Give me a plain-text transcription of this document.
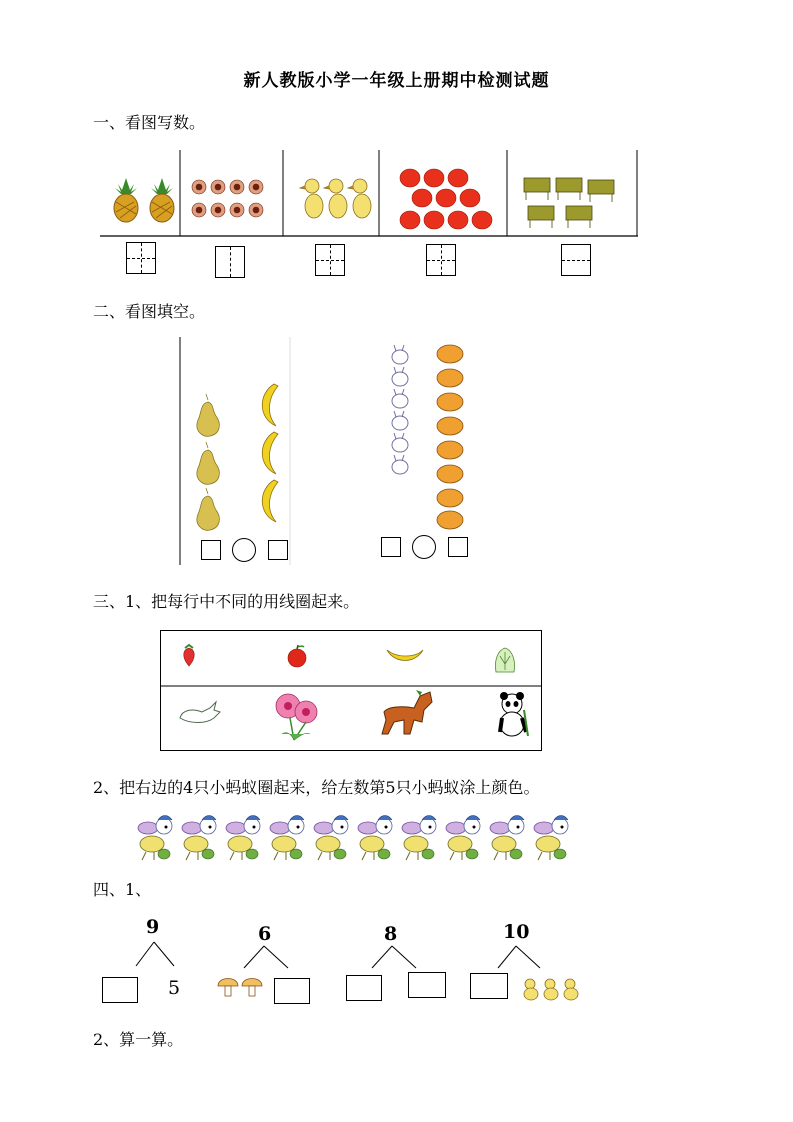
新人教版小学一年级上册期中检测试题
一、看图写数。
二、看图填空。
三、1、把每行中不同的用线圈起来。
2、把右边的4只小蚂蚁圈起来，给左数第5只小蚂蚁涂上颜色。
四、1、
9
5
6	8	10
2、算一算。
